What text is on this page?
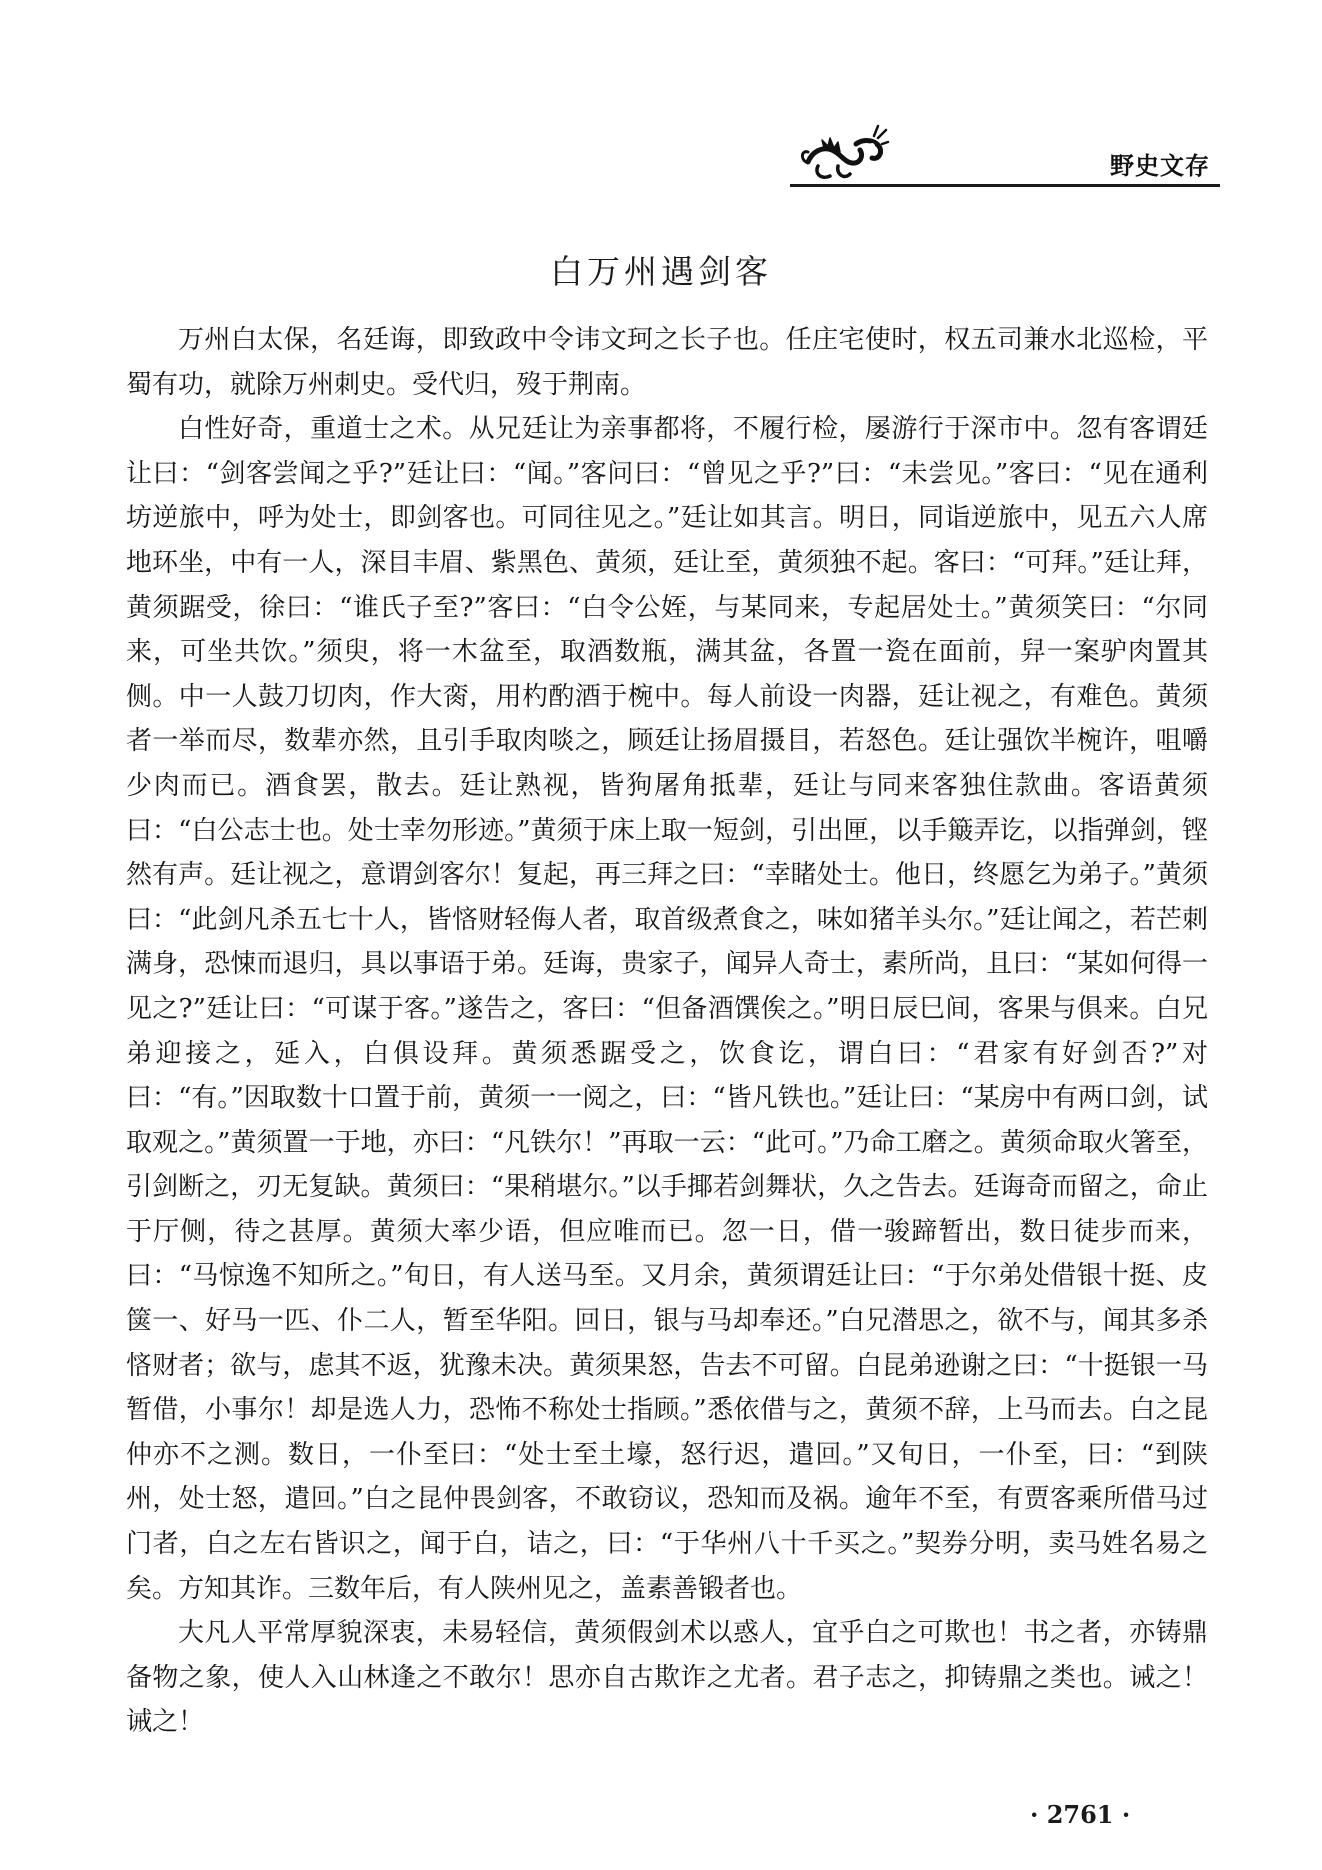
野史文存
白万州遇剑客

万州白太保，名廷诲，即致政中令讳文珂之长子也。任庄宅使时，权五司兼水北巡检，平蜀有功，就除万州刺史。受代归，歿于荆南。

白性好奇，重道士之术。从兄廷让为亲事都将，不履行检，屡游行于深市中。忽有客谓廷让曰：“剑客尝闻之乎?”廷让曰：“闻。”客问曰：“曾见之乎?”曰：“未尝见。”客曰：“见在通利坊逆旅中，呼为处士，即剑客也。可同往见之。”廷让如其言。明日，同诣逆旅中，见五六人席地环坐，中有一人，深目丰眉、紫黑色、黄须，廷让至，黄须独不起。客曰：“可拜。”廷让拜，黄须踞受，徐曰：“谁氏子至?”客曰：“白令公姪，与某同来，专起居处士。”黄须笑曰：“尔同来，可坐共饮。”须臾，将一木盆至，取酒数瓶，满其盆，各置一瓷在面前，舁一案驴肉置其侧。中一人鼓刀切肉，作大脔，用杓酌酒于椀中。每人前设一肉器，廷让视之，有难色。黄须者一举而尽，数辈亦然，且引手取肉啖之，顾廷让扬眉摄目，若怒色。廷让强饮半椀许，咀嚼少肉而已。酒食罢，散去。廷让熟视，皆狗屠角抵辈，廷让与同来客独住款曲。客语黄须曰：“白公志士也。处士幸勿形迹。”黄须于床上取一短剑，引出匣，以手簸弄讫，以指弹剑，铿然有声。廷让视之，意谓剑客尔！复起，再三拜之曰：“幸睹处士。他日，终愿乞为弟子。”黄须曰：“此剑凡杀五七十人，皆悋财轻侮人者，取首级煮食之，味如猪羊头尔。”廷让闻之，若芒刺满身，恐悚而退归，具以事语于弟。廷诲，贵家子，闻异人奇士，素所尚，且曰：“某如何得一见之?”廷让曰：“可谋于客。”遂告之，客曰：“但备酒馔俟之。”明日辰巳间，客果与俱来。白兄弟迎接之，延入，白俱设拜。黄须悉踞受之，饮食讫，谓白曰：“君家有好剑否?”对曰：“有。”因取数十口置于前，黄须一一阅之，曰：“皆凡铁也。”廷让曰：“某房中有两口剑，试取观之。”黄须置一于地，亦曰：“凡铁尔！”再取一云：“此可。”乃命工磨之。黄须命取火箸至，引剑断之，刃无复缺。黄须曰：“果稍堪尔。”以手揶若剑舞状，久之告去。廷诲奇而留之，命止于厅侧，待之甚厚。黄须大率少语，但应唯而已。忽一日，借一骏蹄暂出，数日徒步而来，曰：“马惊逸不知所之。”旬日，有人送马至。又月余，黄须谓廷让曰：“于尔弟处借银十挺、皮箧一、好马一匹、仆二人，暂至华阳。回日，银与马却奉还。”白兄潜思之，欲不与，闻其多杀悋财者；欲与，虑其不返，犹豫未决。黄须果怒，告去不可留。白昆弟逊谢之曰：“十挺银一马暂借，小事尔！却是选人力，恐怖不称处士指顾。”悉依借与之，黄须不辞，上马而去。白之昆仲亦不之测。数日，一仆至曰：“处士至土壕，怒行迟，遣回。”又旬日，一仆至，曰：“到陕州，处士怒，遣回。”白之昆仲畏剑客，不敢窃议，恐知而及祸。逾年不至，有贾客乘所借马过门者，白之左右皆识之，闻于白，诘之，曰：“于华州八十千买之。”契券分明，卖马姓名易之矣。方知其诈。三数年后，有人陕州见之，盖素善锻者也。

大凡人平常厚貌深衷，未易轻信，黄须假剑术以惑人，宜乎白之可欺也！书之者，亦铸鼎备物之象，使人入山林逢之不敢尔！思亦自古欺诈之尤者。君子志之，抑铸鼎之类也。诫之！诫之！

· 2761 ·
